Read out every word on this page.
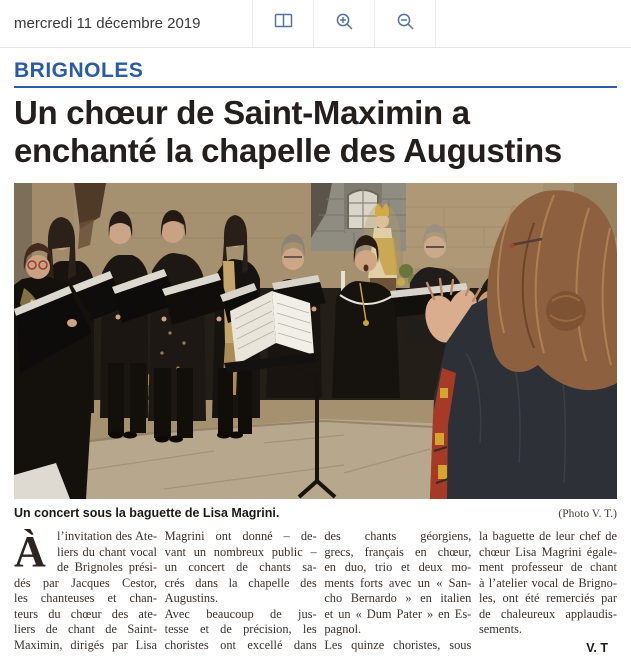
mercredi 11 décembre 2019
BRIGNOLES
Un chœur de Saint-Maximin a
enchanté la chapelle des Augustins
Un concert sous la baguette de Lisa Magrini.	(Photo V. T.)
À l’invitation des Ate-
liers du chant vocal
de Brignoles prési-
dés par Jacques Cestor,
les chanteuses et chan-
teurs du chœur des ate-
liers de chant de Saint-
Maximin, dirigés par Lisa
Magrini ont donné – de-
vant un nombreux public –
un concert de chants sa-
crés dans la chapelle des
Augustins.
Avec beaucoup de jus-
tesse et de précision, les
choristes ont excellé dans
des chants géorgiens,
grecs, français en chœur,
en duo, trio et deux mo-
ments forts avec un « San-
cho Bernardo » en italien
et un « Dum Pater » en Es-
pagnol.
Les quinze choristes, sous
la baguette de leur chef de
chœur Lisa Magrini égale-
ment professeur de chant
à l’atelier vocal de Brigno-
les, ont été remerciés par
de chaleureux applaudis-
sements.
V. T
